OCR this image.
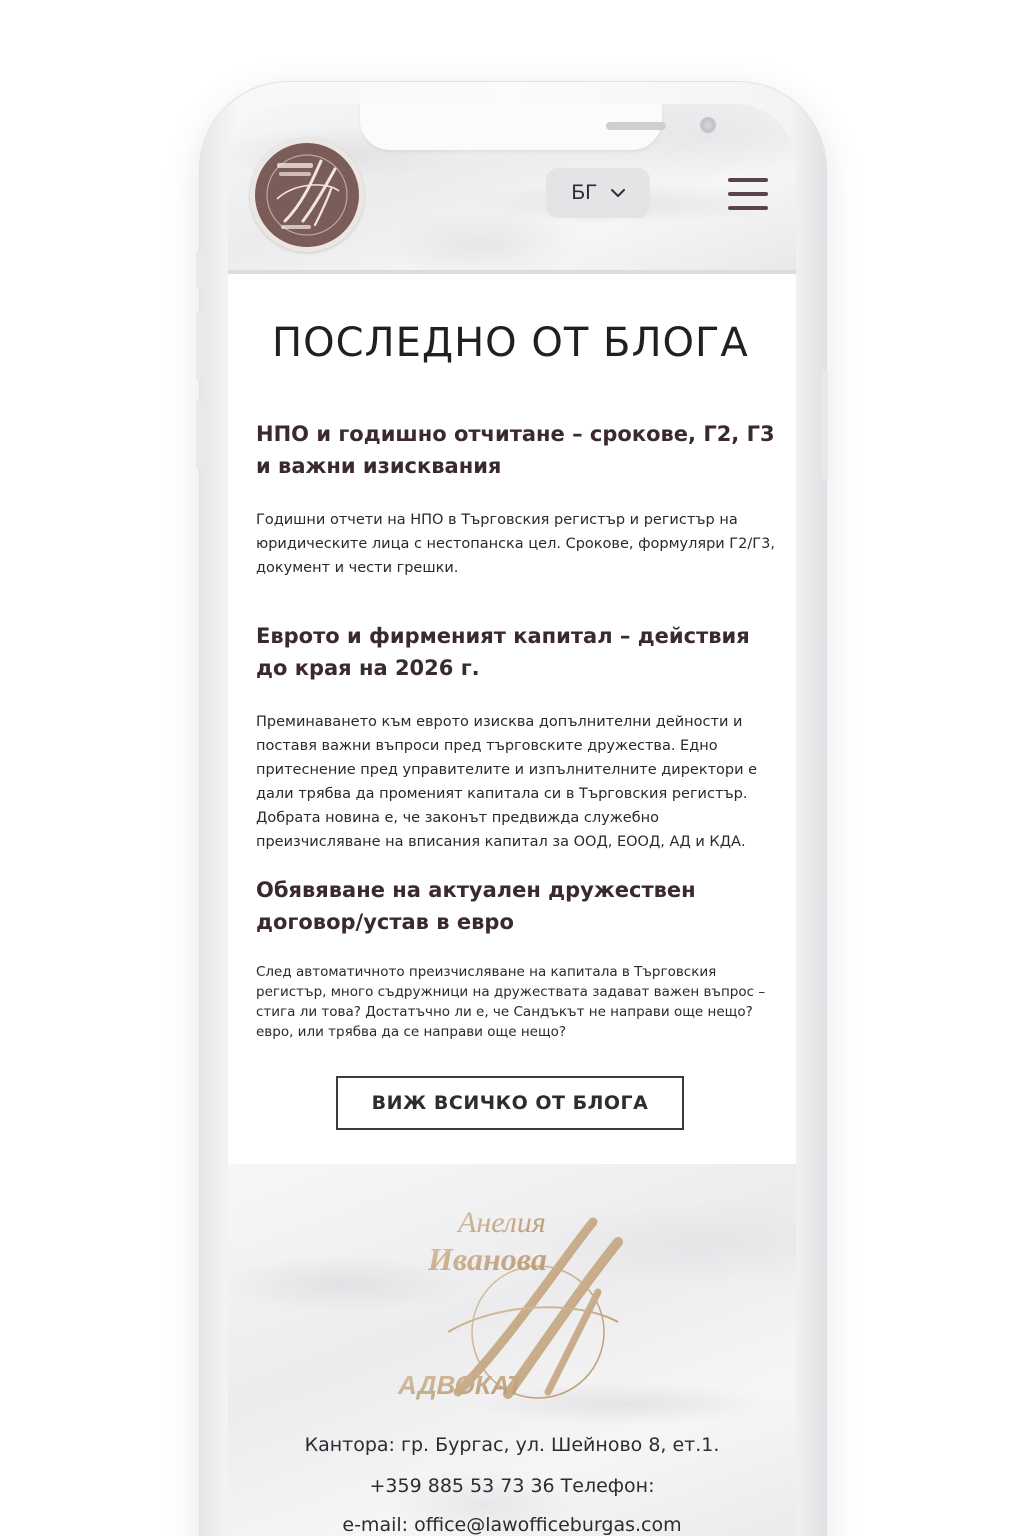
БГ
ПОСЛЕДНО ОТ БЛОГА
НПО и годишно отчитане – срокове, Г2, Г3 и важни изисквания

Годишни отчети на НПО в Търговския регистър и регистър на юридическите лица с нестопанска цел. Срокове, формуляри Г2/Г3, документ и чести грешки.

Еврото и фирменият капитал – действия до края на 2026 г.

Преминаването към еврото изисква допълнителни дейности и поставя важни въпроси пред търговските дружества. Едно притеснение пред управителите и изпълнителните директори е дали трябва да променият капитала си в Търговския регистър. Добрата новина е, че законът предвижда служебно преизчисляване на вписания капитал за ООД, ЕООД, АД и КДА.

Обявяване на актуален дружествен договор/устав в евро

След автоматичното преизчисляване на капитала в Търговския регистър, много съдружници на дружествата задават важен въпрос – стига ли това? Достатъчно ли е, че Сандъкът не направи още нещо? евро, или трябва да се направи още нещо?

ВИЖ ВСИЧКО ОТ БЛОГА
Анелия
Иванова
АДВОКАТ
Кантора: гр. Бургас, ул. Шейново 8, ет.1.
+359 885 53 73 36 Телефон:
e-mail: office@lawofficeburgas.com
